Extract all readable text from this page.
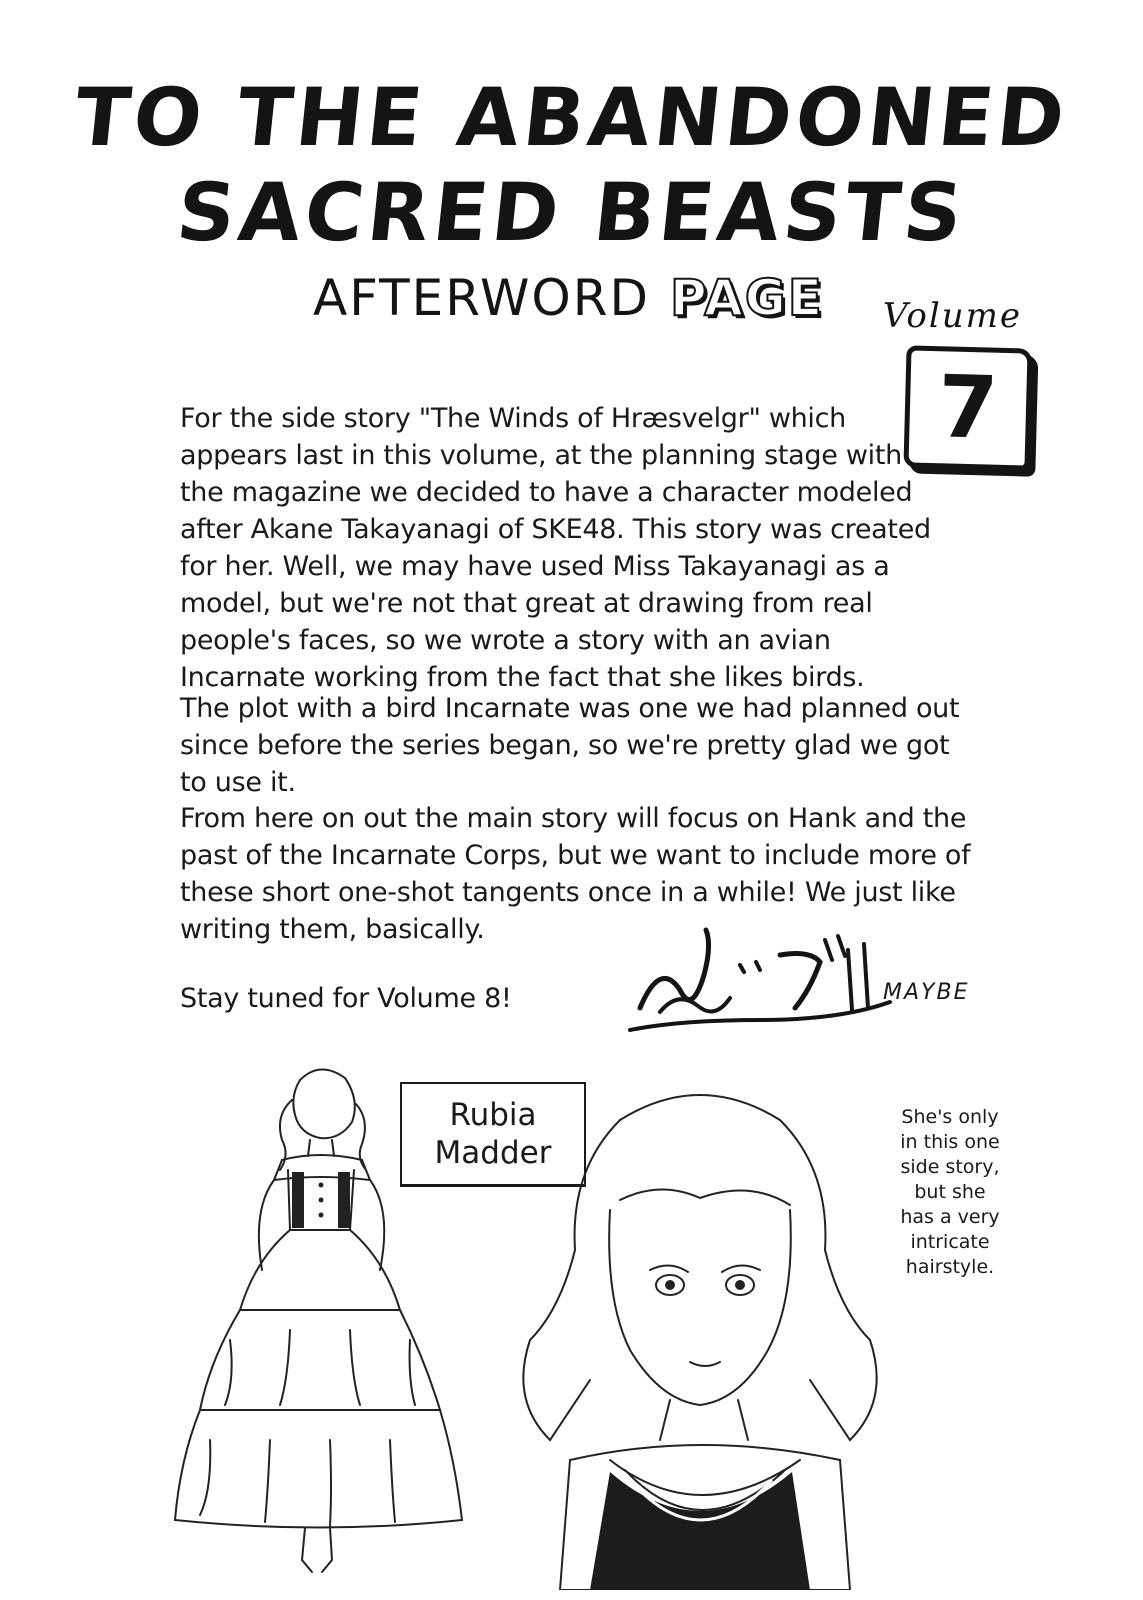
TO THE ABANDONED
SACRED BEASTS
AFTERWORD PAGE	Volume
7

For the side story "The Winds of Hræsvelgr" which appears last in this volume, at the planning stage with the magazine we decided to have a character modeled after Akane Takayanagi of SKE48. This story was created for her. Well, we may have used Miss Takayanagi as a model, but we're not that great at drawing from real people's faces, so we wrote a story with an avian Incarnate working from the fact that she likes birds.

The plot with a bird Incarnate was one we had planned out since before the series began, so we're pretty glad we got to use it.

From here on out the main story will focus on Hank and the past of the Incarnate Corps, but we want to include more of these short one-shot tangents once in a while! We just like writing them, basically.

Stay tuned for Volume 8!	MAYBE
Rubia
Madder
She's only in this one side story, but she has a very intricate hairstyle.
